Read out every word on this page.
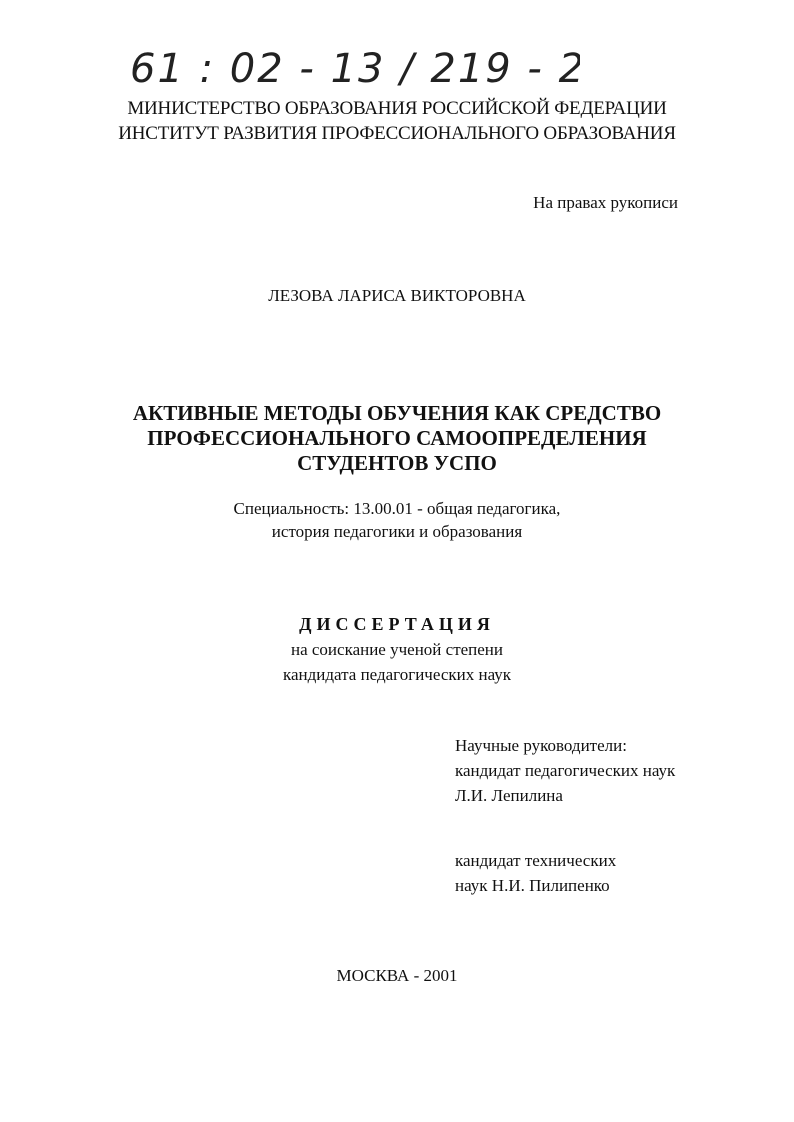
61 : 02 - 13 / 219 - 2
МИНИСТЕРСТВО ОБРАЗОВАНИЯ РОССИЙСКОЙ ФЕДЕРАЦИИ
ИНСТИТУТ РАЗВИТИЯ ПРОФЕССИОНАЛЬНОГО ОБРАЗОВАНИЯ
На правах рукописи
ЛЕЗОВА ЛАРИСА ВИКТОРОВНА
АКТИВНЫЕ МЕТОДЫ ОБУЧЕНИЯ КАК СРЕДСТВО
ПРОФЕССИОНАЛЬНОГО САМООПРЕДЕЛЕНИЯ
СТУДЕНТОВ УСПО
Специальность: 13.00.01 - общая педагогика,
история педагогики и образования
ДИССЕРТАЦИЯ
на соискание ученой степени
кандидата педагогических наук
Научные руководители:
кандидат педагогических наук
Л.И. Лепилина
кандидат технических
наук Н.И. Пилипенко
МОСКВА - 2001
